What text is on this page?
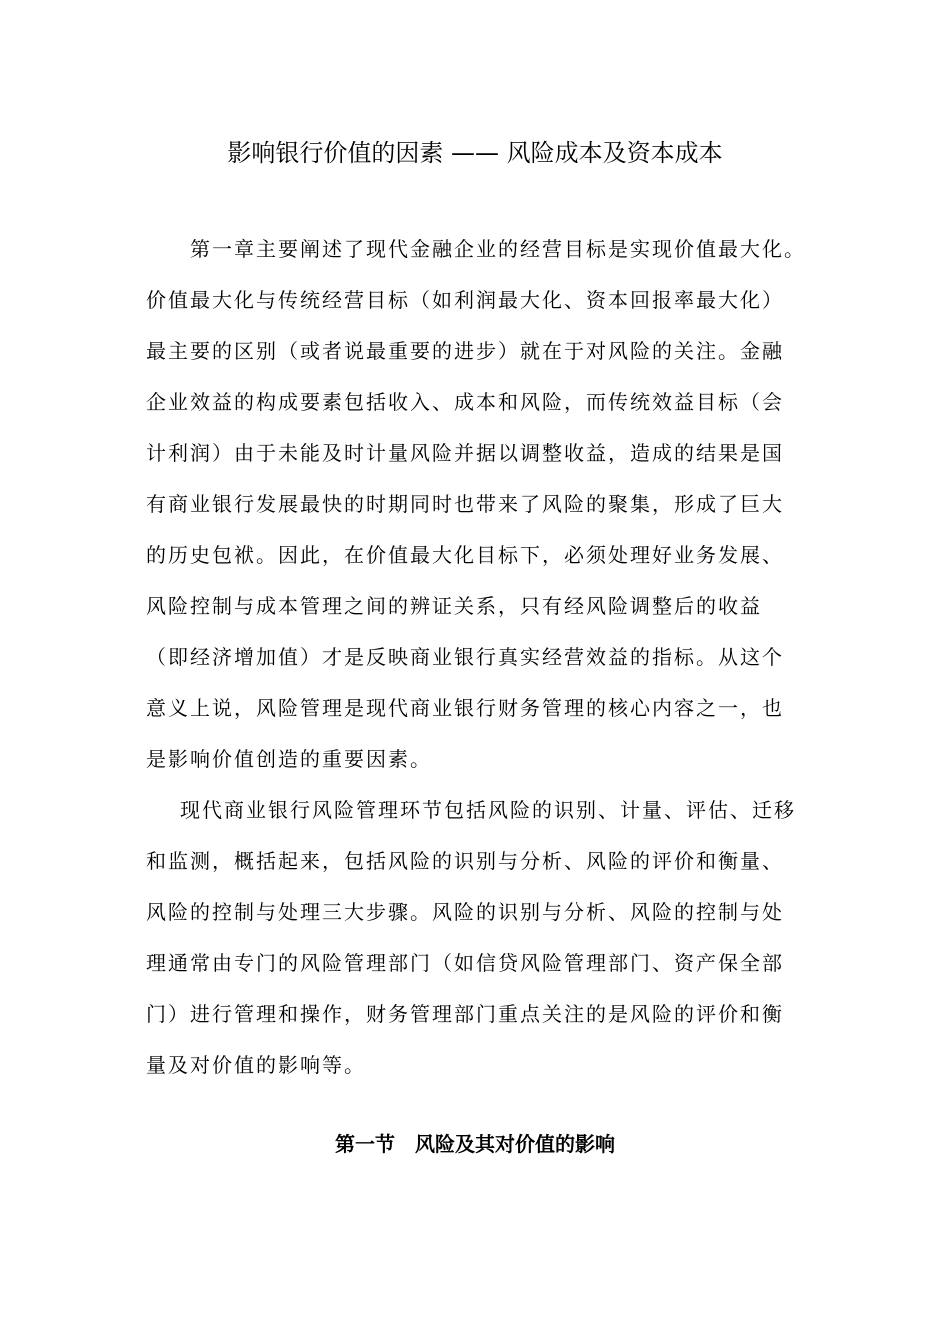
影响银行价值的因素 —— 风险成本及资本成本
第一章主要阐述了现代金融企业的经营目标是实现价值最大化。
价值最大化与传统经营目标（如利润最大化、资本回报率最大化）
最主要的区别（或者说最重要的进步）就在于对风险的关注。金融
企业效益的构成要素包括收入、成本和风险，而传统效益目标（会
计利润）由于未能及时计量风险并据以调整收益，造成的结果是国
有商业银行发展最快的时期同时也带来了风险的聚集，形成了巨大
的历史包袱。因此，在价值最大化目标下，必须处理好业务发展、
风险控制与成本管理之间的辨证关系，只有经风险调整后的收益
（即经济增加值）才是反映商业银行真实经营效益的指标。从这个
意义上说，风险管理是现代商业银行财务管理的核心内容之一，也
是影响价值创造的重要因素。
现代商业银行风险管理环节包括风险的识别、计量、评估、迁移
和监测，概括起来，包括风险的识别与分析、风险的评价和衡量、
风险的控制与处理三大步骤。风险的识别与分析、风险的控制与处
理通常由专门的风险管理部门（如信贷风险管理部门、资产保全部
门）进行管理和操作，财务管理部门重点关注的是风险的评价和衡
量及对价值的影响等。
第一节　风险及其对价值的影响
